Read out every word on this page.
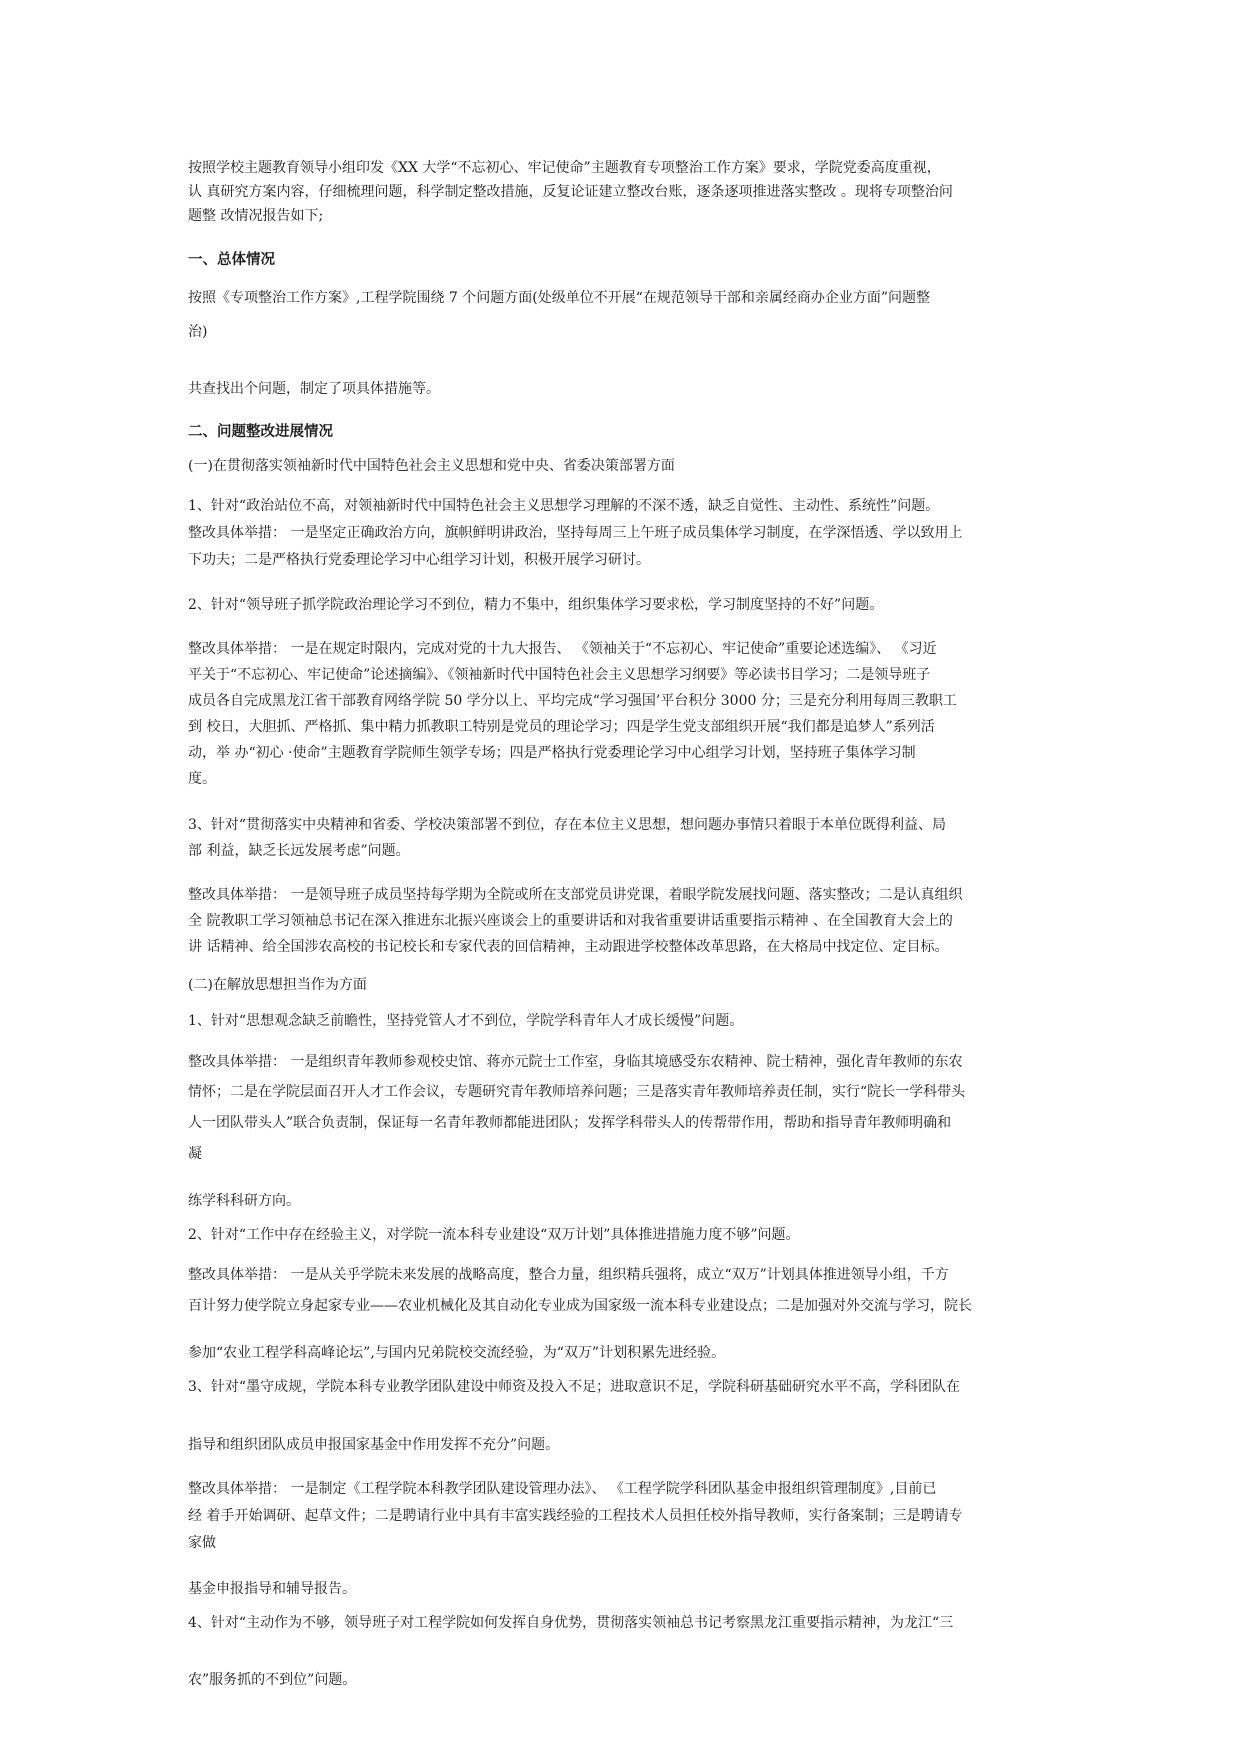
按照学校主题教育领导小组印发《XX 大学“不忘初心、牢记使命”主题教育专项整治工作方案》要求，学院党委高度重视，

认 真研究方案内容，仔细梳理问题，科学制定整改措施，反复论证建立整改台账，逐条逐项推进落实整改 。现将专项整治问

题整 改情况报告如下;

一、总体情况

按照《专项整治工作方案》,工程学院围绕 7 个问题方面(处级单位不开展“在规范领导干部和亲属经商办企业方面”问题整

治)

共查找出个问题，制定了项具体措施等。

二、问题整改进展情况

(一)在贯彻落实领袖新时代中国特色社会主义思想和党中央、省委决策部署方面

1、针对“政治站位不高，对领袖新时代中国特色社会主义思想学习理解的不深不透，缺乏自觉性、主动性、系统性”问题。

整改具体举措： 一是坚定正确政治方向，旗帜鲜明讲政治，坚持每周三上午班子成员集体学习制度，在学深悟透、学以致用上

下功夫；二是严格执行党委理论学习中心组学习计划，积极开展学习研讨。

2、针对“领导班子抓学院政治理论学习不到位，精力不集中，组织集体学习要求松，学习制度坚持的不好”问题。

整改具体举措： 一是在规定时限内，完成对党的十九大报告、 《领袖关于“不忘初心、牢记使命”重要论述选编》、 《习近

平关于“不忘初心、牢记使命”论述摘编》、《领袖新时代中国特色社会主义思想学习纲要》等必读书目学习；二是领导班子

成员各自完成黑龙江省干部教育网络学院 50 学分以上、平均完成“学习强国’平台积分 3000 分；三是充分利用每周三教职工

到 校日，大胆抓、严格抓、集中精力抓教职工特别是党员的理论学习；四是学生党支部组织开展“我们都是追梦人”系列活

动，举 办“初心 ·使命”主题教育学院师生领学专场；四是严格执行党委理论学习中心组学习计划，坚持班子集体学习制

度。

3、针对“贯彻落实中央精神和省委、学校决策部署不到位，存在本位主义思想，想问题办事情只着眼于本单位既得利益、局

部 利益，缺乏长远发展考虑”问题。

整改具体举措： 一是领导班子成员坚持每学期为全院或所在支部党员讲党课，着眼学院发展找问题、落实整改；二是认真组织

全 院教职工学习领袖总书记在深入推进东北振兴座谈会上的重要讲话和对我省重要讲话重要指示精神 、在全国教育大会上的

讲 话精神、给全国涉农高校的书记校长和专家代表的回信精神，主动跟进学校整体改革思路，在大格局中找定位、定目标。

(二)在解放思想担当作为方面

1、针对“思想观念缺乏前瞻性，坚持党管人才不到位，学院学科青年人才成长缓慢”问题。

整改具体举措： 一是组织青年教师参观校史馆、蒋亦元院士工作室，身临其境感受东农精神、院士精神，强化青年教师的东农

情怀；二是在学院层面召开人才工作会议，专题研究青年教师培养问题；三是落实青年教师培养责任制，实行“院长一学科带头

人一团队带头人”联合负责制，保证每一名青年教师都能进团队；发挥学科带头人的传帮带作用，帮助和指导青年教师明确和

凝

练学科科研方向。

2、针对“工作中存在经验主义，对学院一流本科专业建设“双万计划”具体推进措施力度不够”问题。

整改具体举措： 一是从关乎学院未来发展的战略高度，整合力量，组织精兵强将，成立“双万”计划具体推进领导小组，千方

百计努力使学院立身起家专业——农业机械化及其自动化专业成为国家级一流本科专业建设点；二是加强对外交流与学习，院长

参加“农业工程学科高峰论坛”,与国内兄弟院校交流经验，为“双万”计划积累先进经验。

3、针对“墨守成规，学院本科专业教学团队建设中师资及投入不足；进取意识不足，学院科研基础研究水平不高，学科团队在

指导和组织团队成员申报国家基金中作用发挥不充分”问题。

整改具体举措： 一是制定《工程学院本科教学团队建设管理办法》、 《工程学院学科团队基金申报组织管理制度》,目前已

经 着手开始调研、起草文件；二是聘请行业中具有丰富实践经验的工程技术人员担任校外指导教师，实行备案制；三是聘请专

家做

基金申报指导和辅导报告。

4、针对“主动作为不够，领导班子对工程学院如何发挥自身优势，贯彻落实领袖总书记考察黑龙江重要指示精神，为龙江“三

农”服务抓的不到位”问题。
